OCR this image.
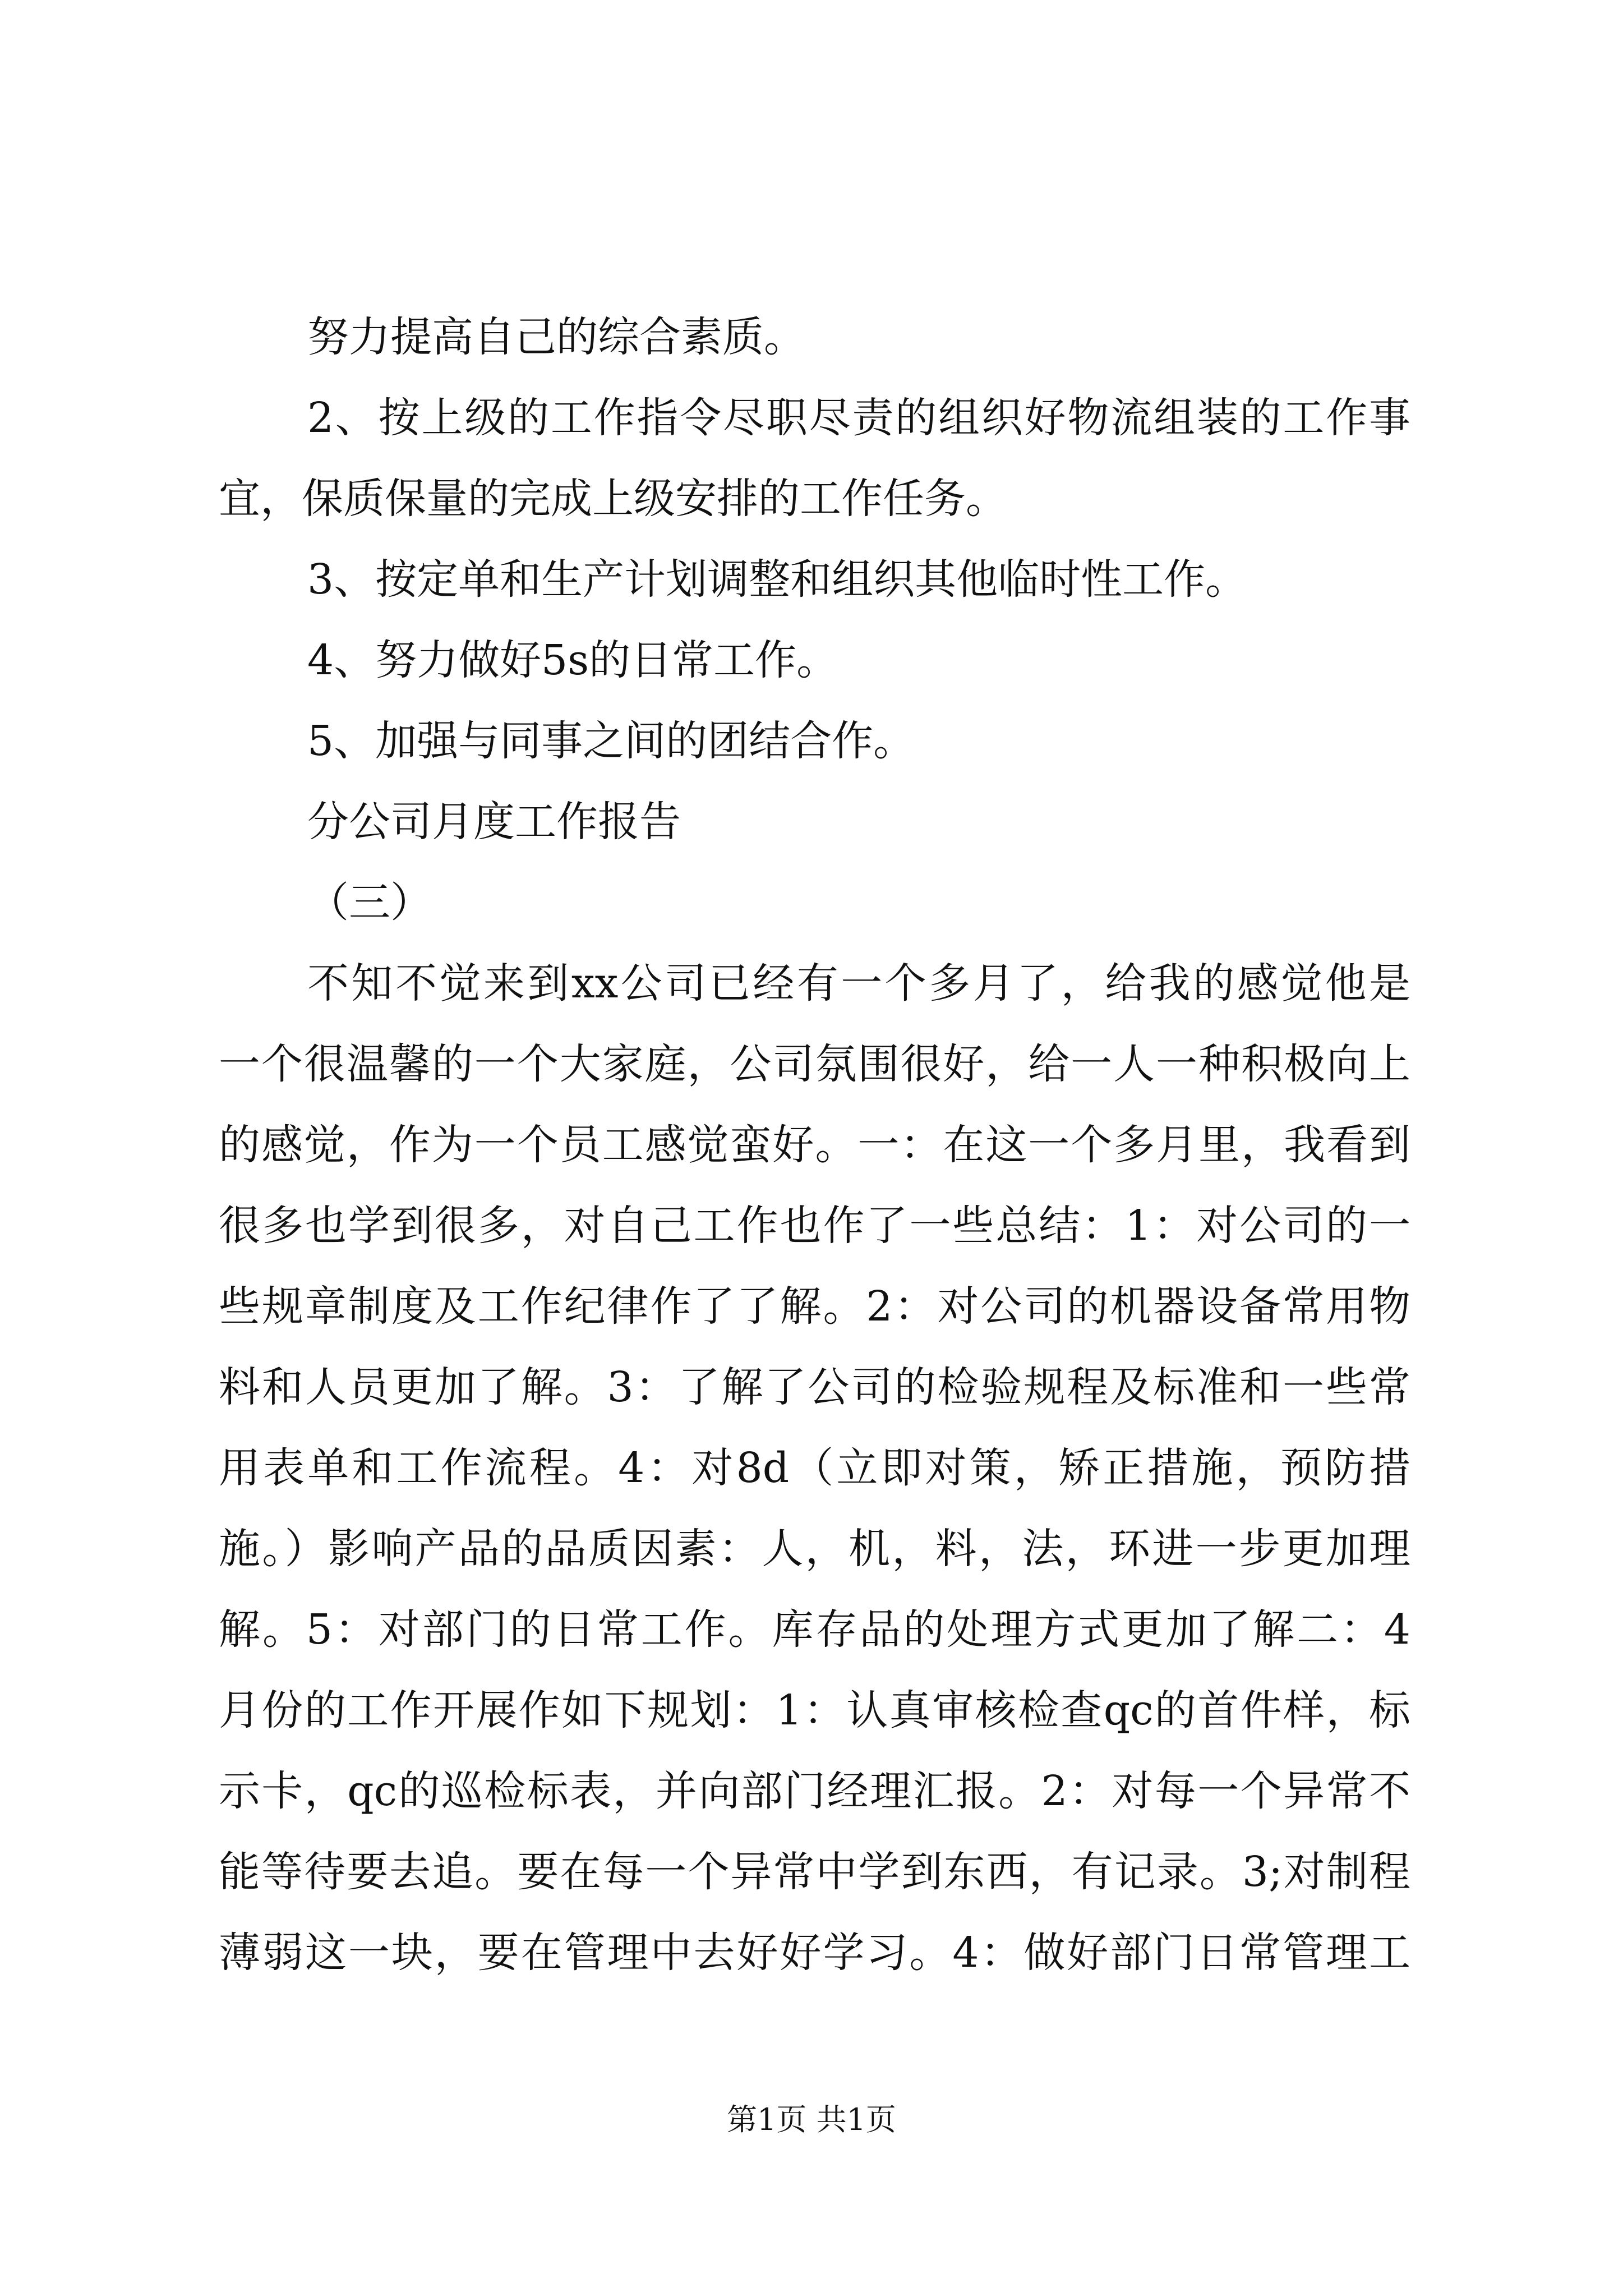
努力提高自己的综合素质。
2、按上级的工作指令尽职尽责的组织好物流组装的工作事
宜，保质保量的完成上级安排的工作任务。
3、按定单和生产计划调整和组织其他临时性工作。
4、努力做好5s的日常工作。
5、加强与同事之间的团结合作。
分公司月度工作报告
（三）
不知不觉来到xx公司已经有一个多月了，给我的感觉他是
一个很温馨的一个大家庭，公司氛围很好，给一人一种积极向上
的感觉，作为一个员工感觉蛮好。一：在这一个多月里，我看到
很多也学到很多，对自己工作也作了一些总结：1：对公司的一
些规章制度及工作纪律作了了解。2：对公司的机器设备常用物
料和人员更加了解。3：了解了公司的检验规程及标准和一些常
用表单和工作流程。4：对8d（立即对策，矫正措施，预防措
施。）影响产品的品质因素：人，机，料，法，环进一步更加理
解。5：对部门的日常工作。库存品的处理方式更加了解二：4
月份的工作开展作如下规划：1：认真审核检查qc的首件样，标
示卡，qc的巡检标表，并向部门经理汇报。2：对每一个异常不
能等待要去追。要在每一个异常中学到东西，有记录。3;对制程
薄弱这一块，要在管理中去好好学习。4：做好部门日常管理工
第1页 共1页
